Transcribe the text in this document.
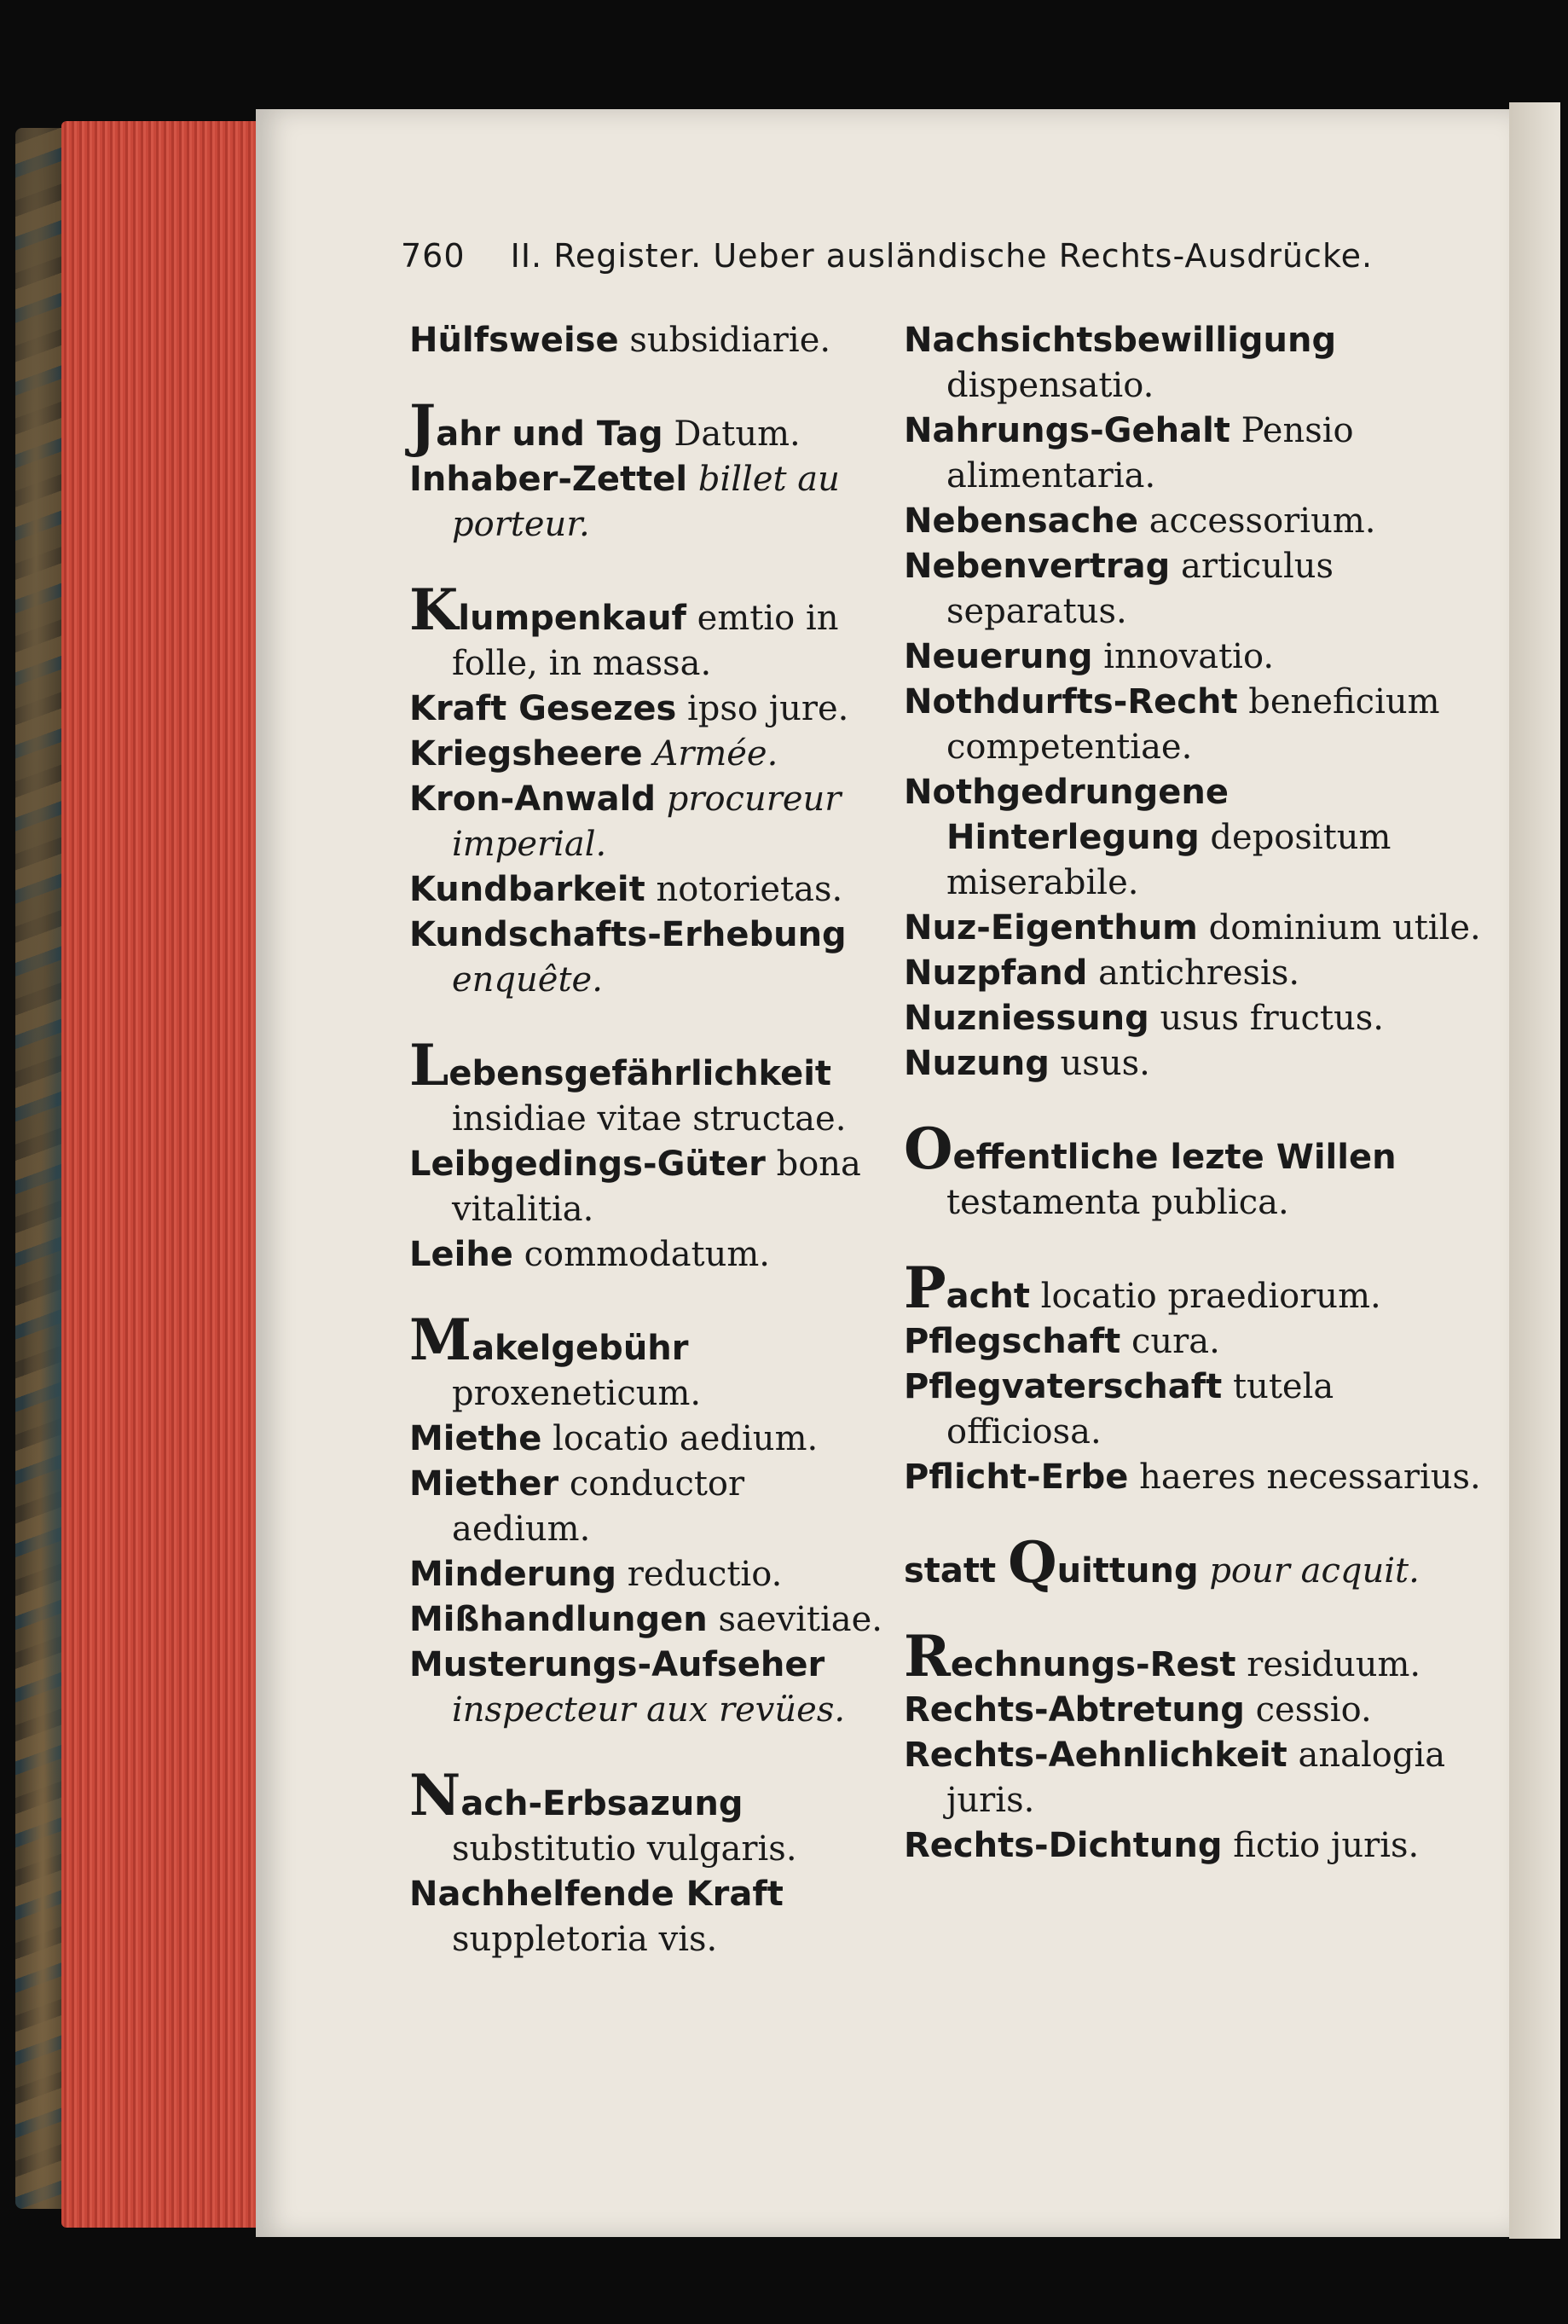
760 II. Register. Ueber ausländische Rechts-Ausdrücke.

Hülfsweise subsidiarie.

Jahr und Tag Datum.

Inhaber-Zettel billet au porteur.

Klumpenkauf emtio in folle, in massa.

Kraft Gesezes ipso jure.

Kriegsheere Armée.

Kron-Anwald procureur imperial.

Kundbarkeit notorietas.

Kundschafts-Erhebung enquête.

Lebensgefährlichkeit insidiae vitae structae.

Leibgedings-Güter bona vitalitia.

Leihe commodatum.

Makelgebühr proxeneticum.

Miethe locatio aedium.

Miether conductor aedium.

Minderung reductio.

Mißhandlungen saevitiae.

Musterungs-Aufseher inspecteur aux revües.

Nach-Erbsazung substitutio vulgaris.

Nachhelfende Kraft suppletoria vis.

Nachsichtsbewilligung dispensatio.

Nahrungs-Gehalt Pensio alimentaria.

Nebensache accessorium.

Nebenvertrag articulus separatus.

Neuerung innovatio.

Nothdurfts-Recht beneficium competentiae.

Nothgedrungene Hinterlegung depositum miserabile.

Nuz-Eigenthum dominium utile.

Nuzpfand antichresis.

Nuzniessung usus fructus.

Nuzung usus.

Oeffentliche lezte Willen testamenta publica.

Pacht locatio praediorum.

Pflegschaft cura.

Pflegvaterschaft tutela officiosa.

Pflicht-Erbe haeres necessarius.

statt Quittung pour acquit.

Rechnungs-Rest residuum.

Rechts-Abtretung cessio.

Rechts-Aehnlichkeit analogia juris.

Rechts-Dichtung fictio juris.
